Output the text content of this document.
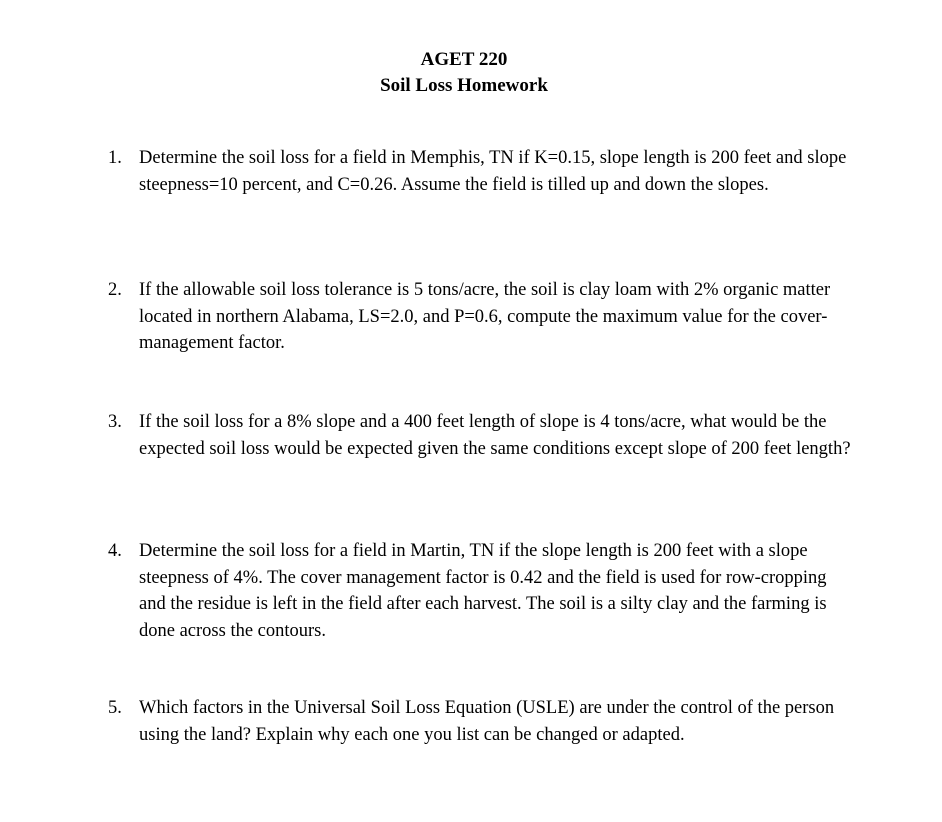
AGET 220
Soil Loss Homework
1. Determine the soil loss for a field in Memphis, TN if K=0.15, slope length is 200 feet and slope steepness=10 percent, and C=0.26. Assume the field is tilled up and down the slopes.
2. If the allowable soil loss tolerance is 5 tons/acre, the soil is clay loam with 2% organic matter located in northern Alabama, LS=2.0, and P=0.6, compute the maximum value for the cover-management factor.
3. If the soil loss for a 8% slope and a 400 feet length of slope is 4 tons/acre, what would be the expected soil loss would be expected given the same conditions except slope of 200 feet length?
4. Determine the soil loss for a field in Martin, TN if the slope length is 200 feet with a slope steepness of 4%. The cover management factor is 0.42 and the field is used for row-cropping and the residue is left in the field after each harvest. The soil is a silty clay and the farming is done across the contours.
5. Which factors in the Universal Soil Loss Equation (USLE) are under the control of the person using the land? Explain why each one you list can be changed or adapted.
